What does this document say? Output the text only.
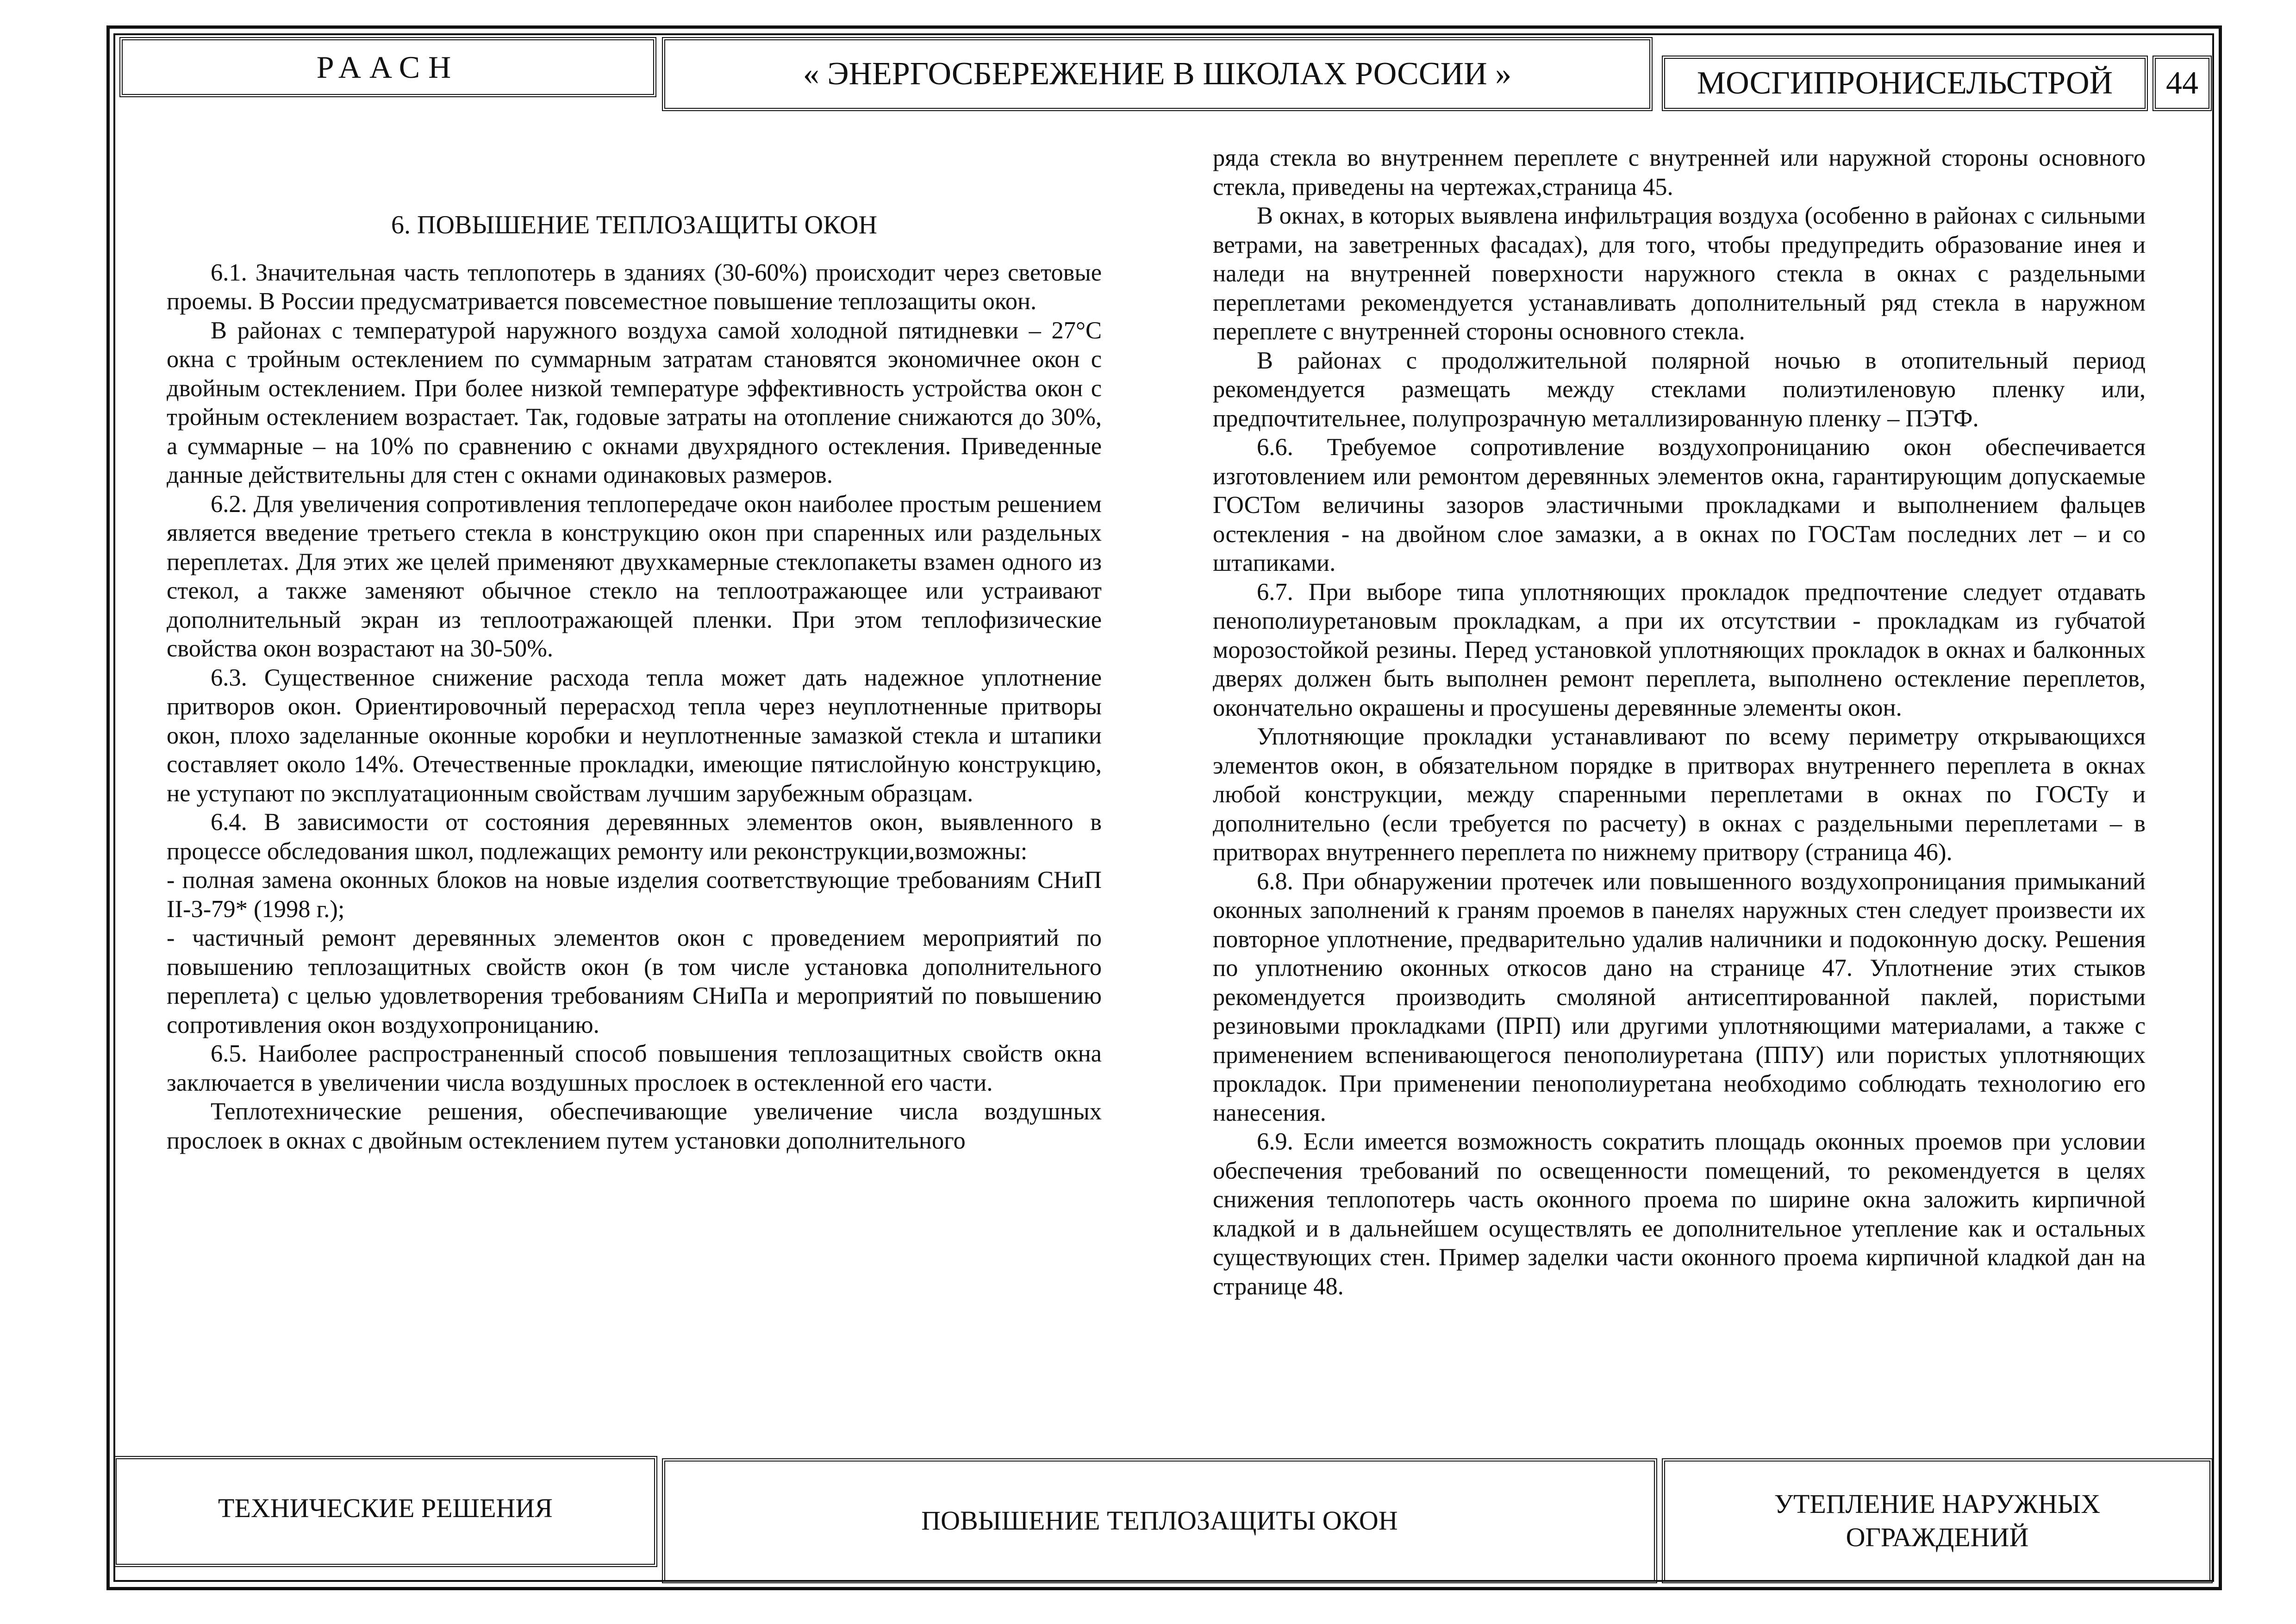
РААСН	« ЭНЕРГОСБЕРЕЖЕНИЕ В ШКОЛАХ РОССИИ »	МОСГИПРОНИСЕЛЬСТРОЙ 44
6. ПОВЫШЕНИЕ ТЕПЛОЗАЩИТЫ ОКОН

6.1. Значительная часть теплопотерь в зданиях (30-60%) происходит через световые проемы. В России предусматривается повсеместное повышение теплозащиты окон.

В районах с температурой наружного воздуха самой холодной пятидневки – 27°С окна с тройным остеклением по суммарным затратам становятся экономичнее окон с двойным остеклением. При более низкой температуре эффективность устройства окон с тройным остеклением возрастает. Так, годовые затраты на отопление снижаются до 30%, а суммарные – на 10% по сравнению с окнами двухрядного остекления. Приведенные данные действительны для стен с окнами одинаковых размеров.

6.2. Для увеличения сопротивления теплопередаче окон наиболее простым решением является введение третьего стекла в конструкцию окон при спаренных или раздельных переплетах. Для этих же целей применяют двухкамерные стеклопакеты взамен одного из стекол, а также заменяют обычное стекло на теплоотражающее или устраивают дополнительный экран из теплоотражающей пленки. При этом теплофизические свойства окон возрастают на 30-50%.

6.3. Существенное снижение расхода тепла может дать надежное уплотнение притворов окон. Ориентировочный перерасход тепла через неуплотненные притворы окон, плохо заделанные оконные коробки и неуплотненные замазкой стекла и штапики составляет около 14%. Отечественные прокладки, имеющие пятислойную конструкцию, не уступают по эксплуатационным свойствам лучшим зарубежным образцам.

6.4. В зависимости от состояния деревянных элементов окон, выявленного в процессе обследования школ, подлежащих ремонту или реконструкции,возможны:

- полная замена оконных блоков на новые изделия соответствующие требованиям СНиП II-3-79* (1998 г.);

- частичный ремонт деревянных элементов окон с проведением мероприятий по повышению теплозащитных свойств окон (в том числе установка дополнительного переплета) с целью удовлетворения требованиям СНиПа и мероприятий по повышению сопротивления окон воздухопроницанию.

6.5. Наиболее распространенный способ повышения теплозащитных свойств окна заключается в увеличении числа воздушных прослоек в остекленной его части.

Теплотехнические решения, обеспечивающие увеличение числа воздушных прослоек в окнах с двойным остеклением путем установки дополнительного

ряда стекла во внутреннем переплете с внутренней или наружной стороны основного стекла, приведены на чертежах,страница 45.

В окнах, в которых выявлена инфильтрация воздуха (особенно в районах с сильными ветрами, на заветренных фасадах), для того, чтобы предупредить образование инея и наледи на внутренней поверхности наружного стекла в окнах с раздельными переплетами рекомендуется устанавливать дополнительный ряд стекла в наружном переплете с внутренней стороны основного стекла.

В районах с продолжительной полярной ночью в отопительный период рекомендуется размещать между стеклами полиэтиленовую пленку или, предпочтительнее, полупрозрачную металлизированную пленку – ПЭТФ.

6.6. Требуемое сопротивление воздухопроницанию окон обеспечивается изготовлением или ремонтом деревянных элементов окна, гарантирующим допускаемые ГОСТом величины зазоров эластичными прокладками и выполнением фальцев остекления - на двойном слое замазки, а в окнах по ГОСТам последних лет – и со штапиками.

6.7. При выборе типа уплотняющих прокладок предпочтение следует отдавать пенополиуретановым прокладкам, а при их отсутствии - прокладкам из губчатой морозостойкой резины. Перед установкой уплотняющих прокладок в окнах и балконных дверях должен быть выполнен ремонт переплета, выполнено остекление переплетов, окончательно окрашены и просушены деревянные элементы окон.

Уплотняющие прокладки устанавливают по всему периметру открывающихся элементов окон, в обязательном порядке в притворах внутреннего переплета в окнах любой конструкции, между спаренными переплетами в окнах по ГОСТу и дополнительно (если требуется по расчету) в окнах с раздельными переплетами – в притворах внутреннего переплета по нижнему притвору (страница 46).

6.8. При обнаружении протечек или повышенного воздухопроницания примыканий оконных заполнений к граням проемов в панелях наружных стен следует произвести их повторное уплотнение, предварительно удалив наличники и подоконную доску. Решения по уплотнению оконных откосов дано на странице 47. Уплотнение этих стыков рекомендуется производить смоляной антисептированной паклей, пористыми резиновыми прокладками (ПРП) или другими уплотняющими материалами, а также с применением вспенивающегося пенополиуретана (ППУ) или пористых уплотняющих прокладок. При применении пенополиуретана необходимо соблюдать технологию его нанесения.

6.9. Если имеется возможность сократить площадь оконных проемов при условии обеспечения требований по освещенности помещений, то рекомендуется в целях снижения теплопотерь часть оконного проема по ширине окна заложить кирпичной кладкой и в дальнейшем осуществлять ее дополнительное утепление как и остальных существующих стен. Пример заделки части оконного проема кирпичной кладкой дан на странице 48.

ТЕХНИЧЕСКИЕ РЕШЕНИЯ	ПОВЫШЕНИЕ ТЕПЛОЗАЩИТЫ ОКОН
УТЕПЛЕНИЕ НАРУЖНЫХ
ОГРАЖДЕНИЙ
